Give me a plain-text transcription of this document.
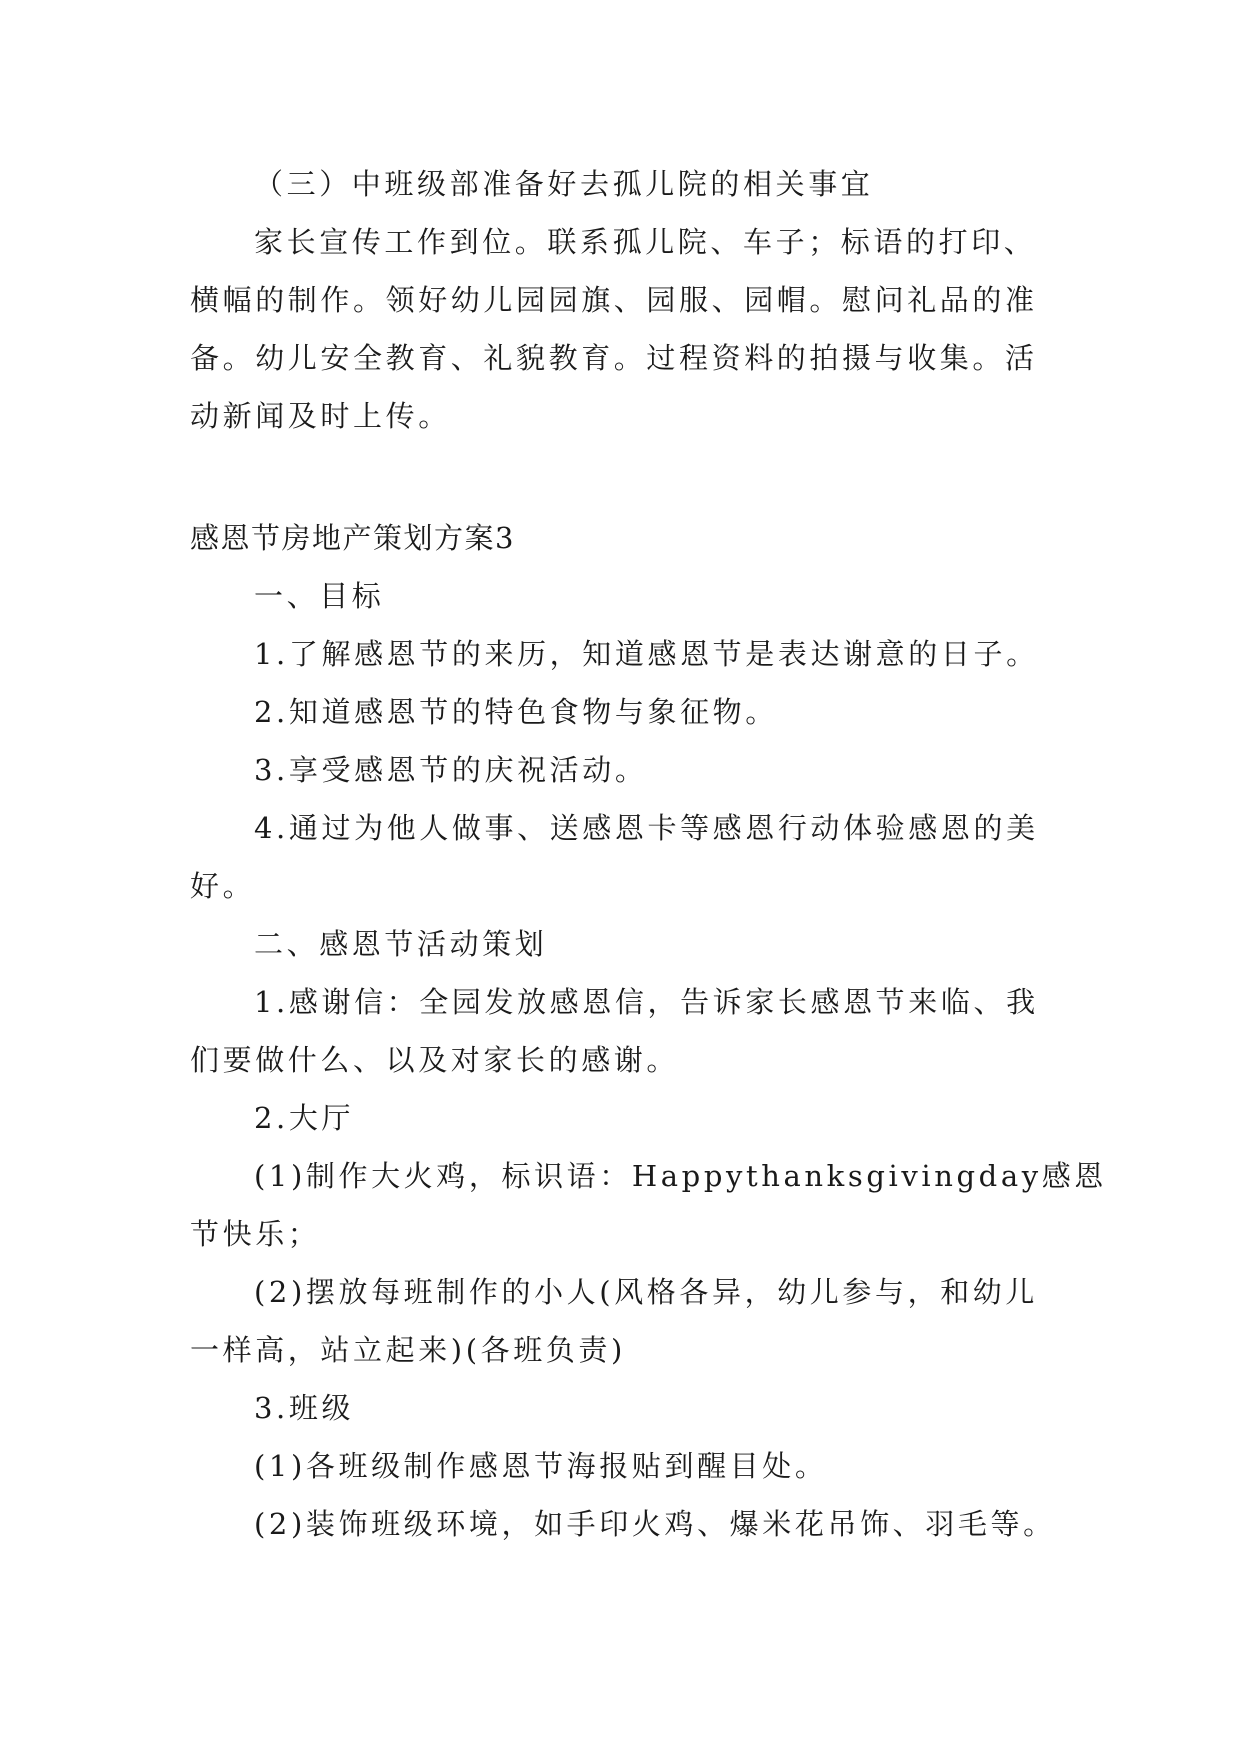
（三）中班级部准备好去孤儿院的相关事宜
家长宣传工作到位。联系孤儿院、车子；标语的打印、
横幅的制作。领好幼儿园园旗、园服、园帽。慰问礼品的准
备。幼儿安全教育、礼貌教育。过程资料的拍摄与收集。活
动新闻及时上传。
感恩节房地产策划方案3
一、目标
1.了解感恩节的来历，知道感恩节是表达谢意的日子。
2.知道感恩节的特色食物与象征物。
3.享受感恩节的庆祝活动。
4.通过为他人做事、送感恩卡等感恩行动体验感恩的美
好。
二、感恩节活动策划
1.感谢信：全园发放感恩信，告诉家长感恩节来临、我
们要做什么、以及对家长的感谢。
2.大厅
(1)制作大火鸡，标识语：Happythanksgivingday感恩
节快乐；
(2)摆放每班制作的小人(风格各异，幼儿参与，和幼儿
一样高，站立起来)(各班负责)
3.班级
(1)各班级制作感恩节海报贴到醒目处。
(2)装饰班级环境，如手印火鸡、爆米花吊饰、羽毛等。
